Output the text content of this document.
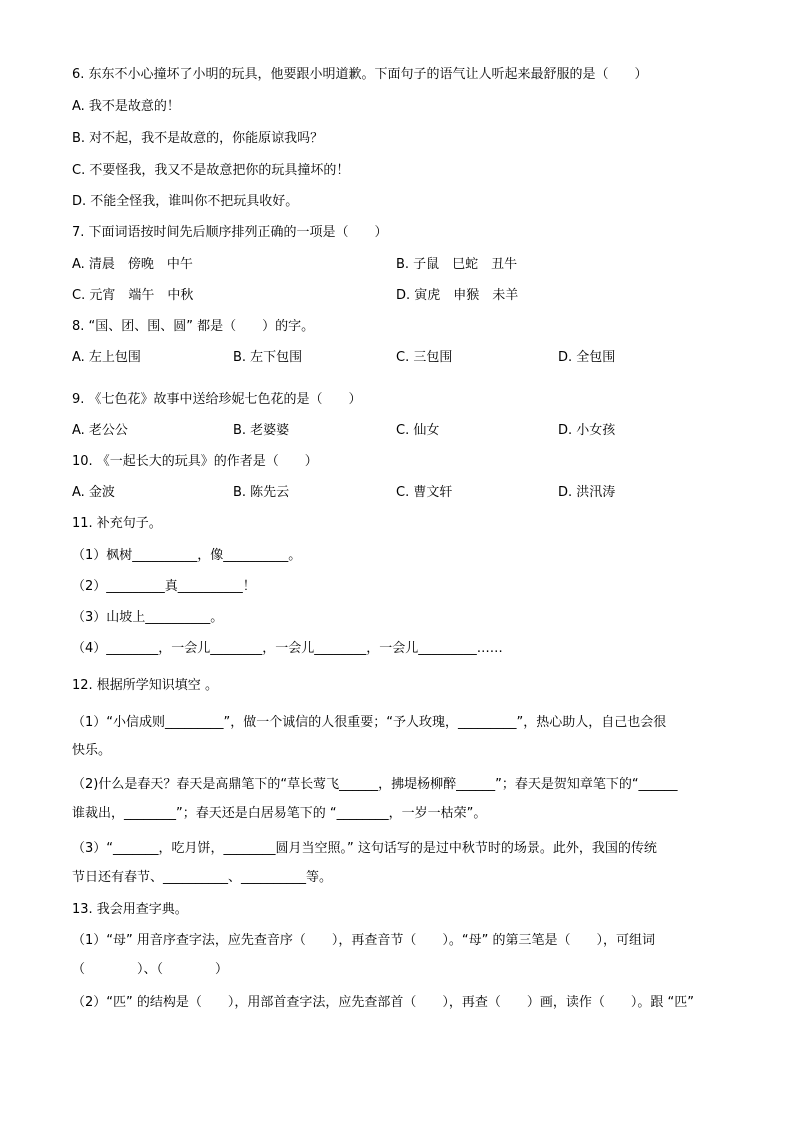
6. 东东不小心撞坏了小明的玩具，他要跟小明道歉。下面句子的语气让人听起来最舒服的是（　　）
A. 我不是故意的！
B. 对不起，我不是故意的，你能原谅我吗？
C. 不要怪我，我又不是故意把你的玩具撞坏的！
D. 不能全怪我，谁叫你不把玩具收好。
7. 下面词语按时间先后顺序排列正确的一项是（　　）
A. 清晨　傍晚　中午	B. 子鼠　巳蛇　丑牛
C. 元宵　端午　中秋	D. 寅虎　申猴　未羊
8. “国、团、围、圆” 都是（　　）的字。
A. 左上包围	B. 左下包围	C. 三包围	D. 全包围
9. 《七色花》故事中送给珍妮七色花的是（　　）
A. 老公公	B. 老婆婆	C. 仙女	D. 小女孩
10. 《一起长大的玩具》的作者是（　　）
A. 金波	B. 陈先云	C. 曹文轩	D. 洪汛涛
11. 补充句子。
（1）枫树__________，像__________。
（2）_________真__________！
（3）山坡上__________。
（4）________，一会儿________，一会儿________，一会儿_________……
12. 根据所学知识填空 。
（1）“小信成则_________”，做一个诚信的人很重要；“予人玫瑰，_________”，热心助人，自己也会很
快乐。
（2)什么是春天？春天是高鼎笔下的“草长莺飞______，拂堤杨柳醉______”；春天是贺知章笔下的“______
谁裁出，________”；春天还是白居易笔下的 “________，一岁一枯荣”。
（3）“_______，吃月饼，________圆月当空照。” 这句话写的是过中秋节时的场景。此外，我国的传统
节日还有春节、__________、__________等。
13. 我会用查字典。
（1）“母” 用音序查字法，应先查音序（　　），再查音节（　　）。“母” 的第三笔是（　　），可组词
（　　　　）、（　　　　）
（2）“匹” 的结构是（　　），用部首查字法，应先查部首（　　），再查（　　）画，读作（　　）。跟 “匹”
